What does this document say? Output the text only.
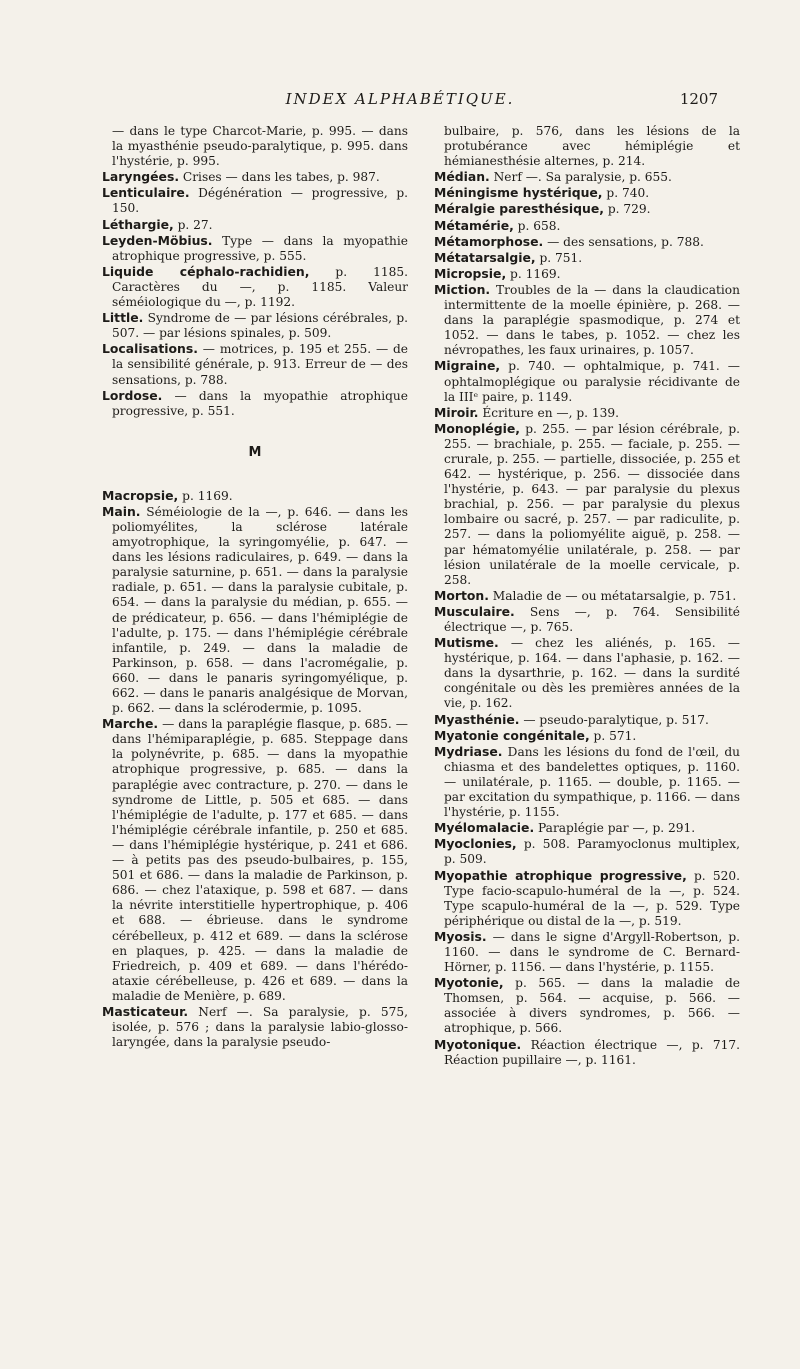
INDEX ALPHABÉTIQUE.	1207

— dans le type Charcot-Marie, p. 995. — dans la myasthénie pseudo-paralytique, p. 995. dans l'hystérie, p. 995.

Laryngées. Crises — dans les tabes, p. 987.

Lenticulaire. Dégénération — progressive, p. 150.

Léthargie, p. 27.

Leyden-Möbius. Type — dans la myopathie atrophique progressive, p. 555.

Liquide céphalo-rachidien, p. 1185. Caractères du —, p. 1185. Valeur séméiologique du —, p. 1192.

Little. Syndrome de — par lésions cérébrales, p. 507. — par lésions spinales, p. 509.

Localisations. — motrices, p. 195 et 255. — de la sensibilité générale, p. 913. Erreur de — des sensations, p. 788.

Lordose. — dans la myopathie atrophique progressive, p. 551.

M

Macropsie, p. 1169.

Main. Séméiologie de la —, p. 646. — dans les poliomyélites, la sclérose latérale amyotrophique, la syringomyélie, p. 647. — dans les lésions radiculaires, p. 649. — dans la paralysie saturnine, p. 651. — dans la paralysie radiale, p. 651. — dans la paralysie cubitale, p. 654. — dans la paralysie du médian, p. 655. — de prédicateur, p. 656. — dans l'hémiplégie de l'adulte, p. 175. — dans l'hémiplégie cérébrale infantile, p. 249. — dans la maladie de Parkinson, p. 658. — dans l'acromégalie, p. 660. — dans le panaris syringomyélique, p. 662. — dans le panaris analgésique de Morvan, p. 662. — dans la sclérodermie, p. 1095.

Marche. — dans la paraplégie flasque, p. 685. — dans l'hémiparaplégie, p. 685. Steppage dans la polynévrite, p. 685. — dans la myopathie atrophique progressive, p. 685. — dans la paraplégie avec contracture, p. 270. — dans le syndrome de Little, p. 505 et 685. — dans l'hémiplégie de l'adulte, p. 177 et 685. — dans l'hémiplégie cérébrale infantile, p. 250 et 685. — dans l'hémiplégie hystérique, p. 241 et 686. — à petits pas des pseudo-bulbaires, p. 155, 501 et 686. — dans la maladie de Parkinson, p. 686. — chez l'ataxique, p. 598 et 687. — dans la névrite interstitielle hypertrophique, p. 406 et 688. — ébrieuse. dans le syndrome cérébelleux, p. 412 et 689. — dans la sclérose en plaques, p. 425. — dans la maladie de Friedreich, p. 409 et 689. — dans l'hérédo-ataxie cérébelleuse, p. 426 et 689. — dans la maladie de Menière, p. 689.

Masticateur. Nerf —. Sa paralysie, p. 575, isolée, p. 576 ; dans la paralysie labio-glosso-laryngée, dans la paralysie pseudo-

bulbaire, p. 576, dans les lésions de la protubérance avec hémiplégie et hémianesthésie alternes, p. 214.

Médian. Nerf —. Sa paralysie, p. 655.

Méningisme hystérique, p. 740.

Méralgie paresthésique, p. 729.

Métamérie, p. 658.

Métamorphose. — des sensations, p. 788.

Métatarsalgie, p. 751.

Micropsie, p. 1169.

Miction. Troubles de la — dans la claudication intermittente de la moelle épinière, p. 268. — dans la paraplégie spasmodique, p. 274 et 1052. — dans le tabes, p. 1052. — chez les névropathes, les faux urinaires, p. 1057.

Migraine, p. 740. — ophtalmique, p. 741. — ophtalmoplégique ou paralysie récidivante de la IIIᵉ paire, p. 1149.

Miroir. Écriture en —, p. 139.

Monoplégie, p. 255. — par lésion cérébrale, p. 255. — brachiale, p. 255. — faciale, p. 255. — crurale, p. 255. — partielle, dissociée, p. 255 et 642. — hystérique, p. 256. — dissociée dans l'hystérie, p. 643. — par paralysie du plexus brachial, p. 256. — par paralysie du plexus lombaire ou sacré, p. 257. — par radiculite, p. 257. — dans la poliomyélite aiguë, p. 258. — par hématomyélie unilatérale, p. 258. — par lésion unilatérale de la moelle cervicale, p. 258.

Morton. Maladie de — ou métatarsalgie, p. 751.

Musculaire. Sens —, p. 764. Sensibilité électrique —, p. 765.

Mutisme. — chez les aliénés, p. 165. — hystérique, p. 164. — dans l'aphasie, p. 162. — dans la dysarthrie, p. 162. — dans la surdité congénitale ou dès les premières années de la vie, p. 162.

Myasthénie. — pseudo-paralytique, p. 517.

Myatonie congénitale, p. 571.

Mydriase. Dans les lésions du fond de l'œil, du chiasma et des bandelettes optiques, p. 1160. — unilatérale, p. 1165. — double, p. 1165. — par excitation du sympathique, p. 1166. — dans l'hystérie, p. 1155.

Myélomalacie. Paraplégie par —, p. 291.

Myoclonies, p. 508. Paramyoclonus multiplex, p. 509.

Myopathie atrophique progressive, p. 520. Type facio-scapulo-huméral de la —, p. 524. Type scapulo-huméral de la —, p. 529. Type périphérique ou distal de la —, p. 519.

Myosis. — dans le signe d'Argyll-Robertson, p. 1160. — dans le syndrome de C. Bernard-Hörner, p. 1156. — dans l'hystérie, p. 1155.

Myotonie, p. 565. — dans la maladie de Thomsen, p. 564. — acquise, p. 566. — associée à divers syndromes, p. 566. — atrophique, p. 566.

Myotonique. Réaction électrique —, p. 717. Réaction pupillaire —, p. 1161.
